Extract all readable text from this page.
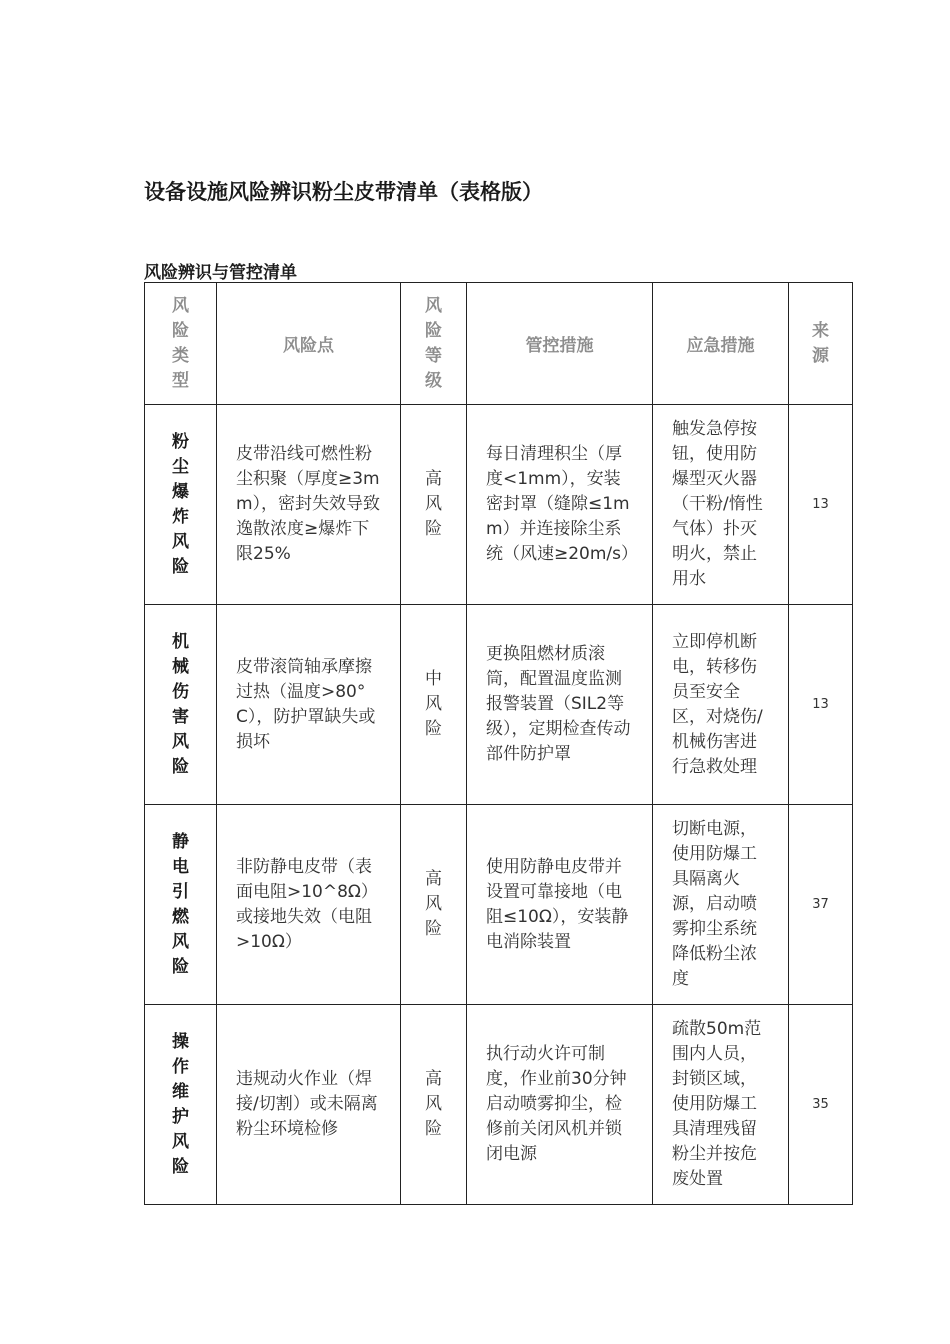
设备设施风险辨识粉尘皮带清单（表格版）
风险辨识与管控清单
风险类型	风险点	风险等级	管控措施	应急措施	来源

粉尘爆炸风险	皮带沿线可燃性粉尘积聚（厚度≥3mm），密封失效导致逸散浓度≥爆炸下限25%	高风险	每日清理积尘（厚度<1mm），安装密封罩（缝隙≤1mm）并连接除尘系统（风速≥20m/s）	触发急停按钮，使用防爆型灭火器（干粉/惰性气体）扑灭明火，禁止用水	13

机械伤害风险	皮带滚筒轴承摩擦过热（温度>80°C），防护罩缺失或损坏	中风险	更换阻燃材质滚筒，配置温度监测报警装置（SIL2等级），定期检查传动部件防护罩	立即停机断电，转移伤员至安全区，对烧伤/机械伤害进行急救处理	13

静电引燃风险	非防静电皮带（表面电阻>10^8Ω）或接地失效（电阻>10Ω）	高风险	使用防静电皮带并设置可靠接地（电阻≤10Ω），安装静电消除装置	切断电源，使用防爆工具隔离火源，启动喷雾抑尘系统降低粉尘浓度	37

操作维护风险	违规动火作业（焊接/切割）或未隔离粉尘环境检修	高风险	执行动火许可制度，作业前30分钟启动喷雾抑尘，检修前关闭风机并锁闭电源	疏散50m范围内人员，封锁区域，使用防爆工具清理残留粉尘并按危废处置	35
